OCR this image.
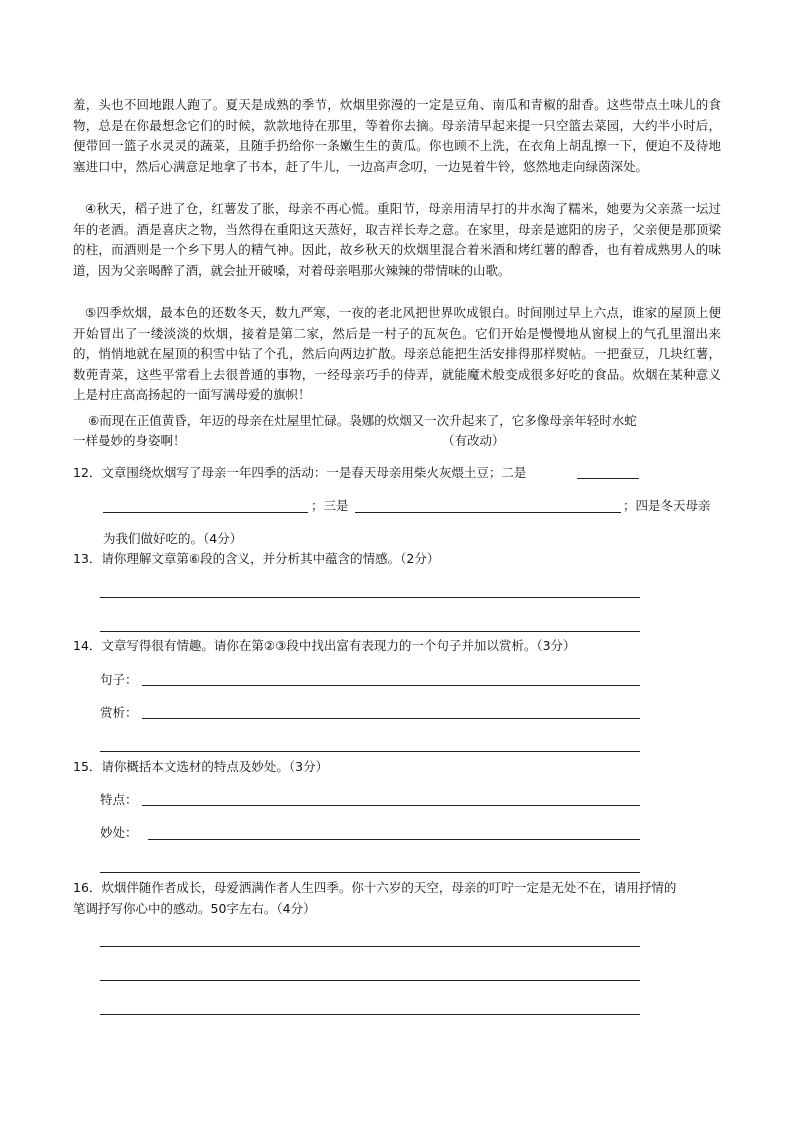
羞，头也不回地跟人跑了。夏天是成熟的季节，炊烟里弥漫的一定是豆角、南瓜和青椒的甜香。这些带点土味儿的食物，总是在你最想念它们的时候，款款地待在那里，等着你去摘。母亲清早起来提一只空篮去菜园，大约半小时后，便带回一篮子水灵灵的蔬菜，且随手扔给你一条嫩生生的黄瓜。你也顾不上洗，在衣角上胡乱擦一下，便迫不及待地塞进口中，然后心满意足地拿了书本，赶了牛儿，一边高声念叨，一边晃着牛铃，悠然地走向绿茵深处。

④秋天，稻子进了仓，红薯发了胀，母亲不再心慌。重阳节，母亲用清早打的井水淘了糯米，她要为父亲蒸一坛过年的老酒。酒是喜庆之物，当然得在重阳这天蒸好，取吉祥长寿之意。在家里，母亲是遮阳的房子，父亲便是那顶梁的柱，而酒则是一个乡下男人的精气神。因此，故乡秋天的炊烟里混合着米酒和烤红薯的醇香，也有着成熟男人的味道，因为父亲喝醉了酒，就会扯开破嗓，对着母亲唱那火辣辣的带情味的山歌。

⑤四季炊烟，最本色的还数冬天，数九严寒，一夜的老北风把世界吹成银白。时间刚过早上六点，谁家的屋顶上便开始冒出了一缕淡淡的炊烟，接着是第二家，然后是一村子的瓦灰色。它们开始是慢慢地从窗棂上的气孔里溜出来的，悄悄地就在屋顶的积雪中钻了个孔，然后向两边扩散。母亲总能把生活安排得那样熨帖。一把蚕豆，几块红薯，数蔸青菜，这些平常看上去很普通的事物，一经母亲巧手的侍弄，就能魔术般变成很多好吃的食品。炊烟在某种意义上是村庄高高扬起的一面写满母爱的旗帜！

⑥而现在正值黄昏，年迈的母亲在灶屋里忙碌。袅娜的炊烟又一次升起来了，它多像母亲年轻时水蛇
一样曼妙的身姿啊！	（有改动）
12．文章围绕炊烟写了母亲一年四季的活动：一是春天母亲用柴火灰煨土豆；二是
；三是	；四是冬天母亲
为我们做好吃的。（4分）
13．请你理解文章第⑥段的含义，并分析其中蕴含的情感。（2分）
14．文章写得很有情趣。请你在第②③段中找出富有表现力的一个句子并加以赏析。（3分）
句子：
赏析：
15．请你概括本文选材的特点及妙处。（3分）
特点：
妙处：
16．炊烟伴随作者成长，母爱洒满作者人生四季。你十六岁的天空，母亲的叮咛一定是无处不在，请用抒情的
笔调抒写你心中的感动。50字左右。（4分）
